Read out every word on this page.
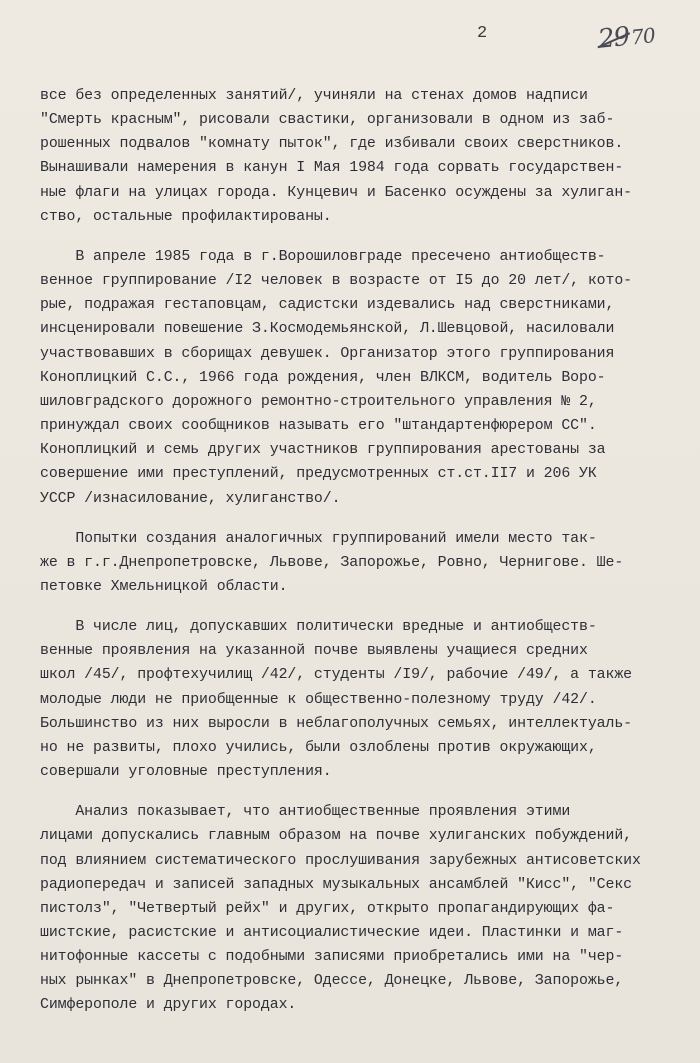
2	2970

все без определенных занятий/, учиняли на стенах домов надписи
"Смерть красным", рисовали свастики, организовали в одном из заб-
рошенных подвалов "комнату пыток", где избивали своих сверстников.
Вынашивали намерения в канун I Мая 1984 года сорвать государствен-
ные флаги на улицах города. Кунцевич и Басенко осуждены за хулиган-
ство, остальные профилактированы.

В апреле 1985 года в г.Ворошиловграде пресечено антиобществ-
венное группирование /I2 человек в возрасте от I5 до 20 лет/, кото-
рые, подражая гестаповцам, садистски издевались над сверстниками,
инсценировали повешение З.Космодемьянской, Л.Шевцовой, насиловали
участвовавших в сборищах девушек. Организатор этого группирования
Коноплицкий С.С., 1966 года рождения, член ВЛКСМ, водитель Воро-
шиловградского дорожного ремонтно-строительного управления № 2,
принуждал своих сообщников называть его "штандартенфюрером СС".
Коноплицкий и семь других участников группирования арестованы за
совершение ими преступлений, предусмотренных ст.ст.II7 и 206 УК
УССР /изнасилование, хулиганство/.

Попытки создания аналогичных группирований имели место так-
же в г.г.Днепропетровске, Львове, Запорожье, Ровно, Чернигове. Ше-
петовке Хмельницкой области.

В числе лиц, допускавших политически вредные и антиобществ-
венные проявления на указанной почве выявлены учащиеся средних
школ /45/, профтехучилищ /42/, студенты /I9/, рабочие /49/, а также
молодые люди не приобщенные к общественно-полезному труду /42/.
Большинство из них выросли в неблагополучных семьях, интеллектуаль-
но не развиты, плохо учились, были озлоблены против окружающих,
совершали уголовные преступления.

Анализ показывает, что антиобщественные проявления этими
лицами допускались главным образом на почве хулиганских побуждений,
под влиянием систематического прослушивания зарубежных антисоветских
радиопередач и записей западных музыкальных ансамблей "Кисс", "Секс
пистолз", "Четвертый рейх" и других, открыто пропагандирующих фа-
шистские, расистские и антисоциалистические идеи. Пластинки и маг-
нитофонные кассеты с подобными записями приобретались ими на "чер-
ных рынках" в Днепропетровске, Одессе, Донецке, Львове, Запорожье,
Симферополе и других городах.
